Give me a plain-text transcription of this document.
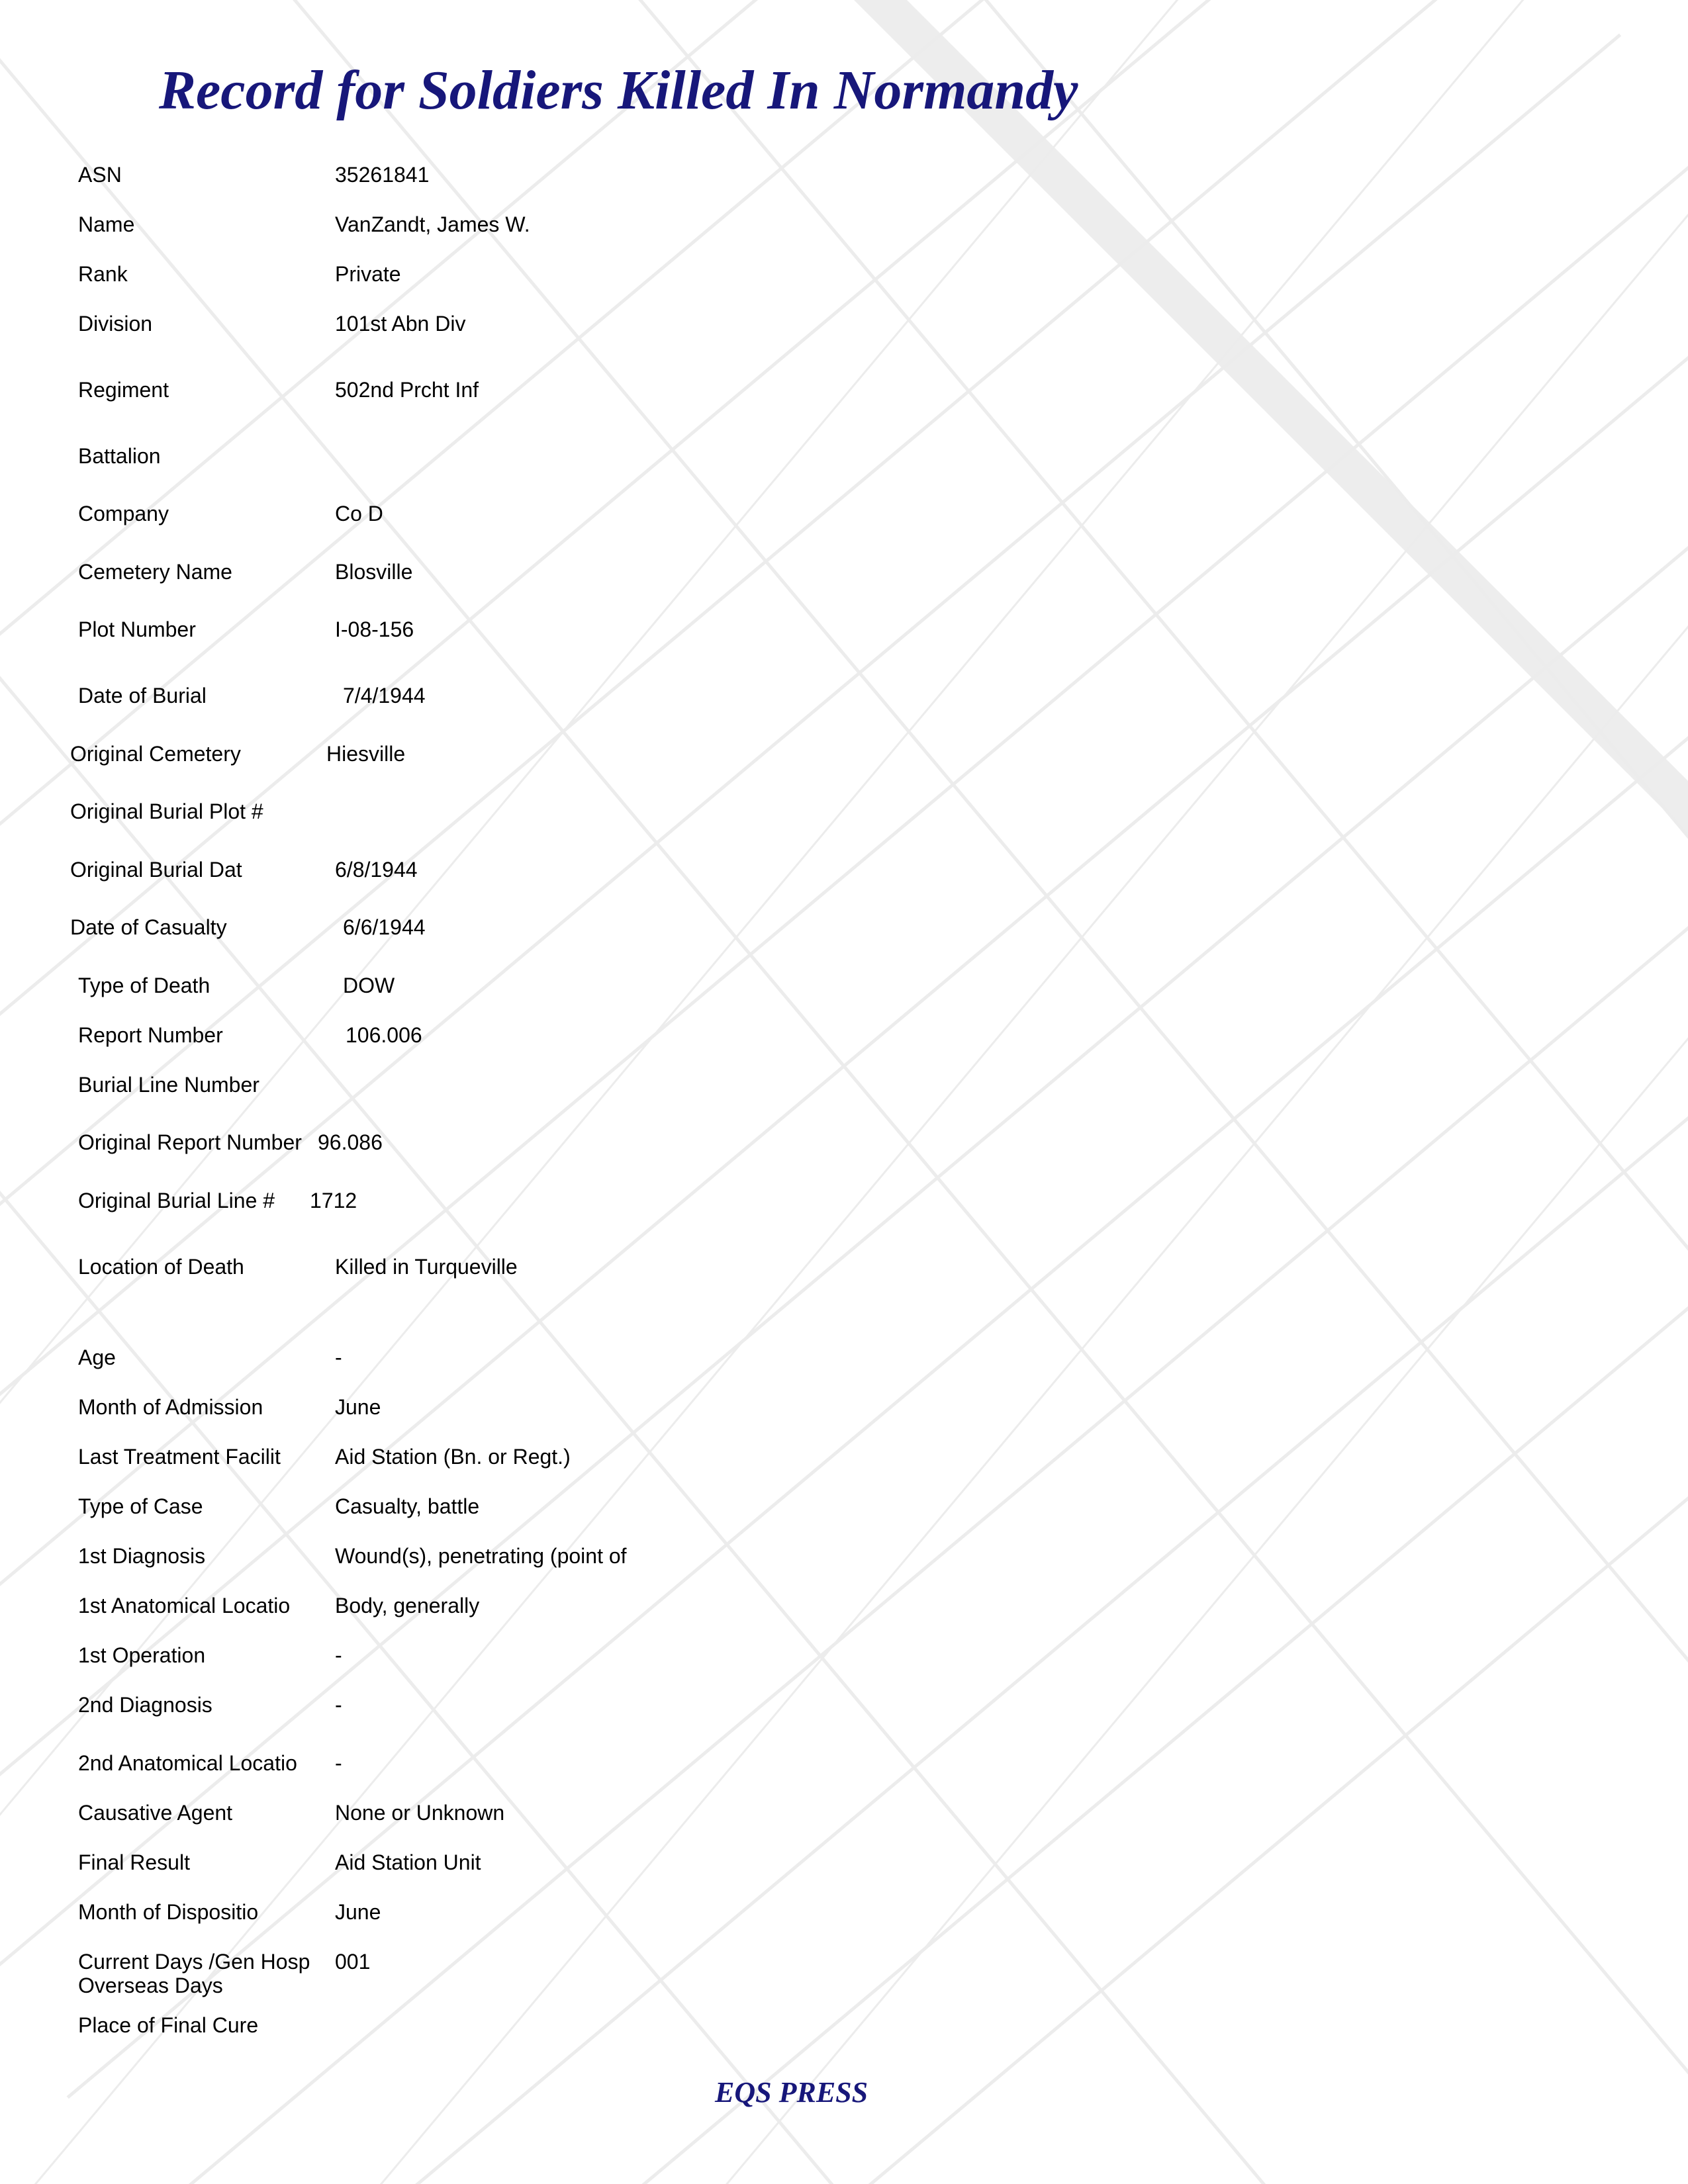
Record for Soldiers Killed In Normandy
ASN
Name
Rank
Division
Regiment
Battalion
Company
Cemetery Name
Plot Number
Date of Burial
Original Cemetery
Original Burial Plot #
Original Burial Dat
Date of Casualty
Type of Death
Report Number
Burial Line Number
Original Report Number
Original Burial Line #
Location of Death
Age
Month of Admission
Last Treatment Facilit
Type of Case
1st Diagnosis
1st Anatomical Locatio
1st Operation
2nd Diagnosis
2nd Anatomical Locatio
Causative Agent
Final Result
Month of Dispositio
Current Days /Gen Hosp
Overseas Days
Place of Final Cure
35261841
VanZandt, James W.
Private
101st Abn Div
502nd Prcht Inf
Co D
Blosville
I-08-156
7/4/1944
Hiesville
6/8/1944
6/6/1944
DOW
106.006
96.086
1712
Killed in Turqueville
-
June
Aid Station (Bn. or Regt.)
Casualty, battle
Wound(s), penetrating (point of
Body, generally
-
-
-
None or Unknown
Aid Station Unit
June
001
EQS PRESS
